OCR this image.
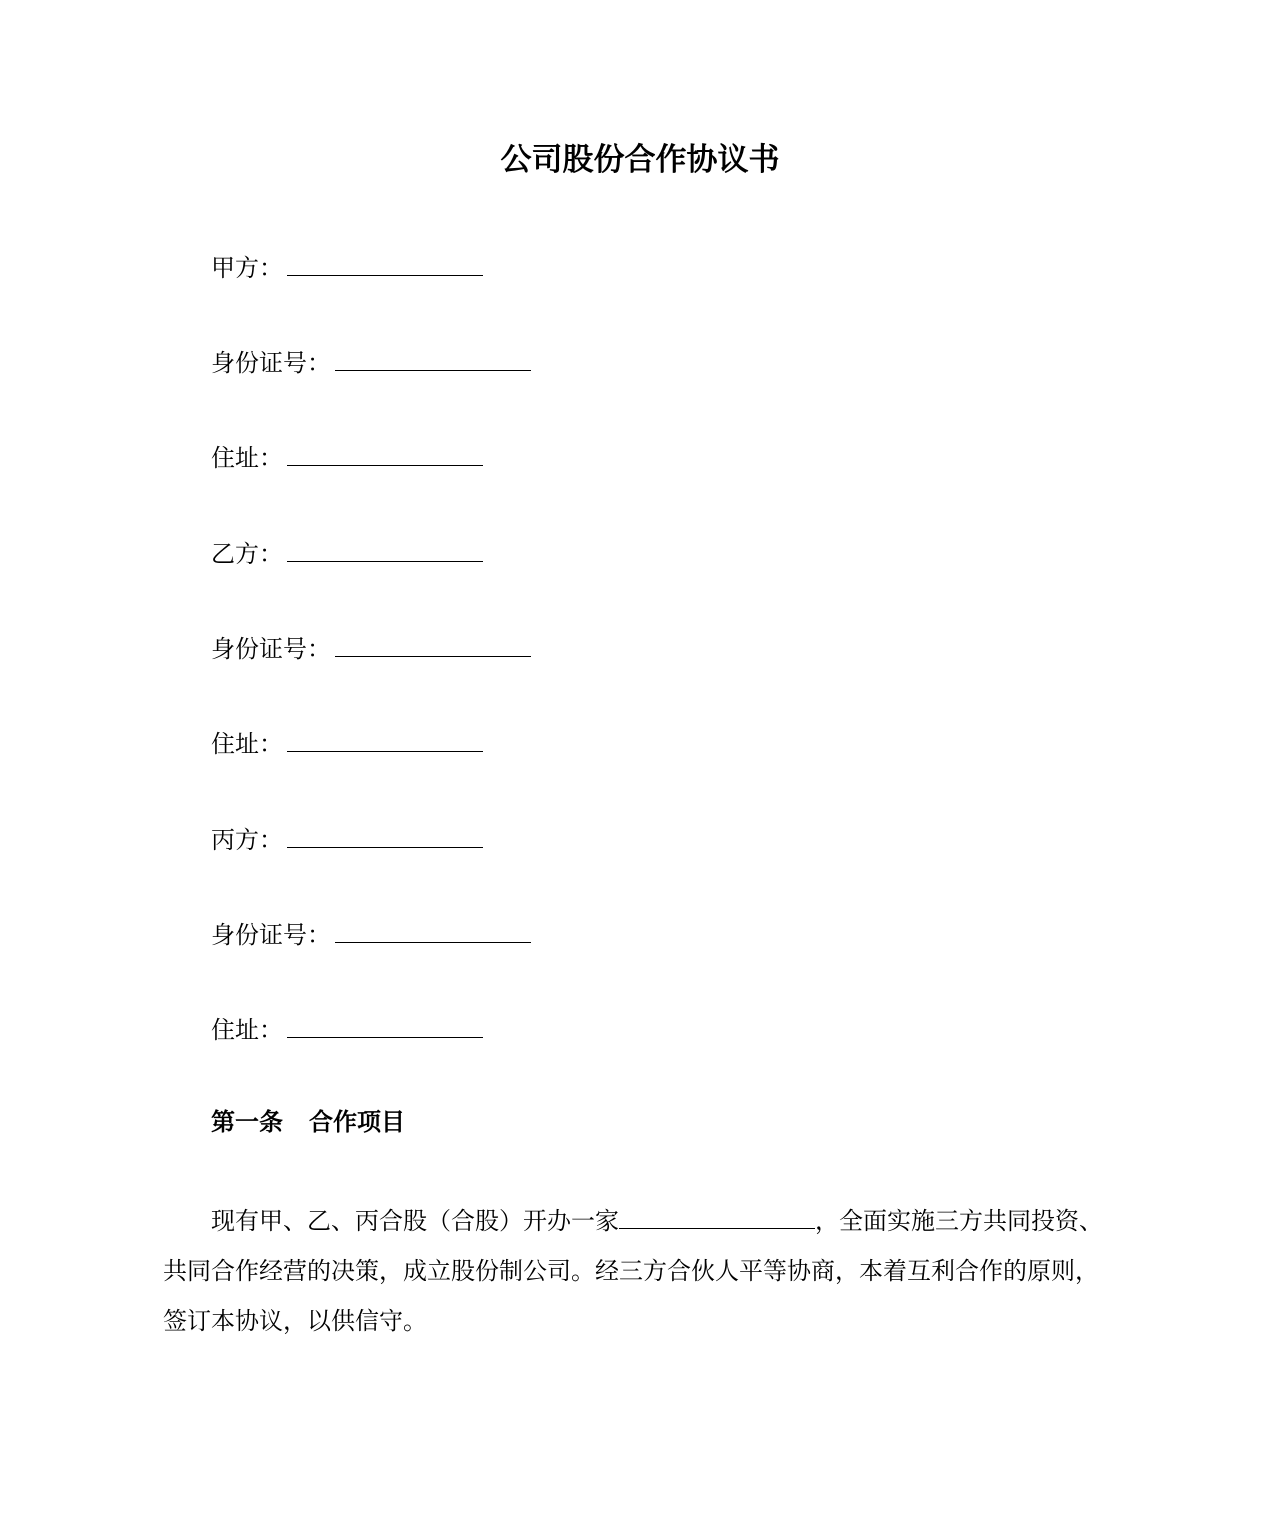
公司股份合作协议书
甲方：
身份证号：
住址：
乙方：
身份证号：
住址：
丙方：
身份证号：
住址：
第一条 合作项目
现有甲、乙、丙合股（合股）开办一家	，全面实施三方共同投资、
共同合作经营的决策，成立股份制公司。经三方合伙人平等协商，本着互利合作的原则，
签订本协议，以供信守。
